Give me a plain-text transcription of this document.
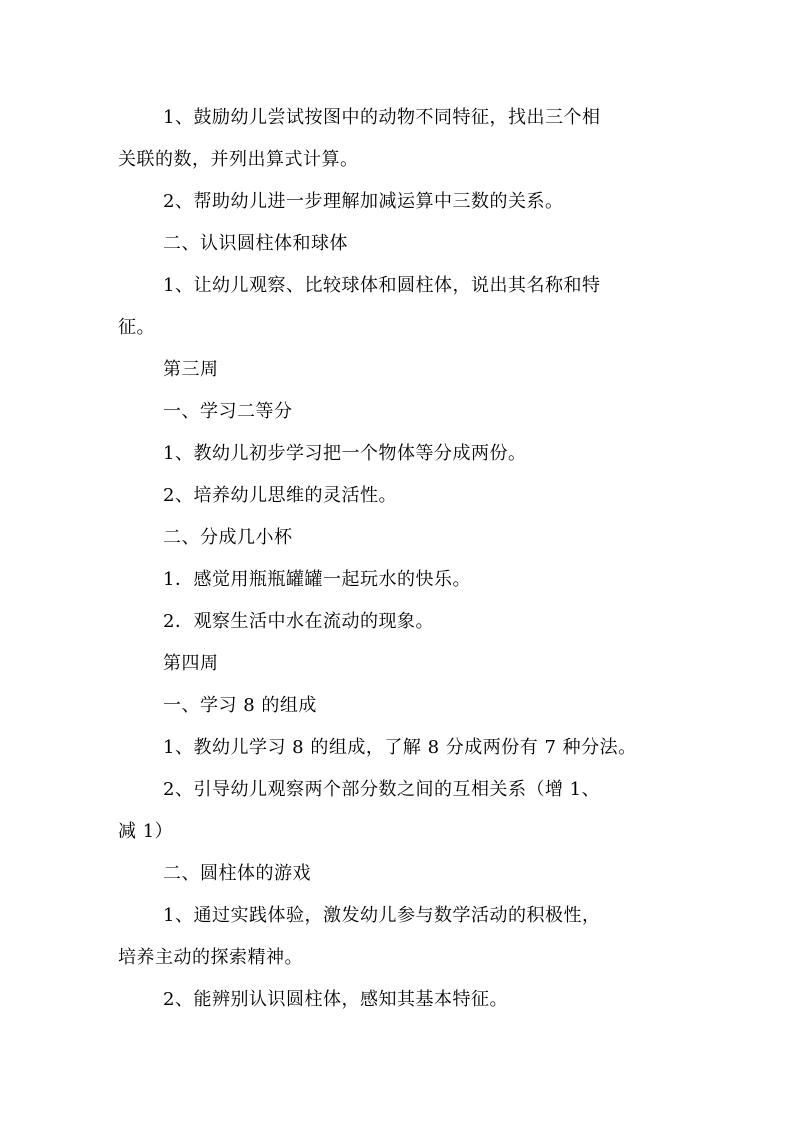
1、鼓励幼儿尝试按图中的动物不同特征，找出三个相
关联的数，并列出算式计算。
2、帮助幼儿进一步理解加减运算中三数的关系。
二、认识圆柱体和球体
1、让幼儿观察、比较球体和圆柱体，说出其名称和特
征。
第三周
一、学习二等分
1、教幼儿初步学习把一个物体等分成两份。
2、培养幼儿思维的灵活性。
二、分成几小杯
1．感觉用瓶瓶罐罐一起玩水的快乐。
2．观察生活中水在流动的现象。
第四周
一、学习 8 的组成
1、教幼儿学习 8 的组成，了解 8 分成两份有 7 种分法。
2、引导幼儿观察两个部分数之间的互相关系（增 1、
减 1）
二、圆柱体的游戏
1、通过实践体验，激发幼儿参与数学活动的积极性，
培养主动的探索精神。
2、能辨别认识圆柱体，感知其基本特征。
